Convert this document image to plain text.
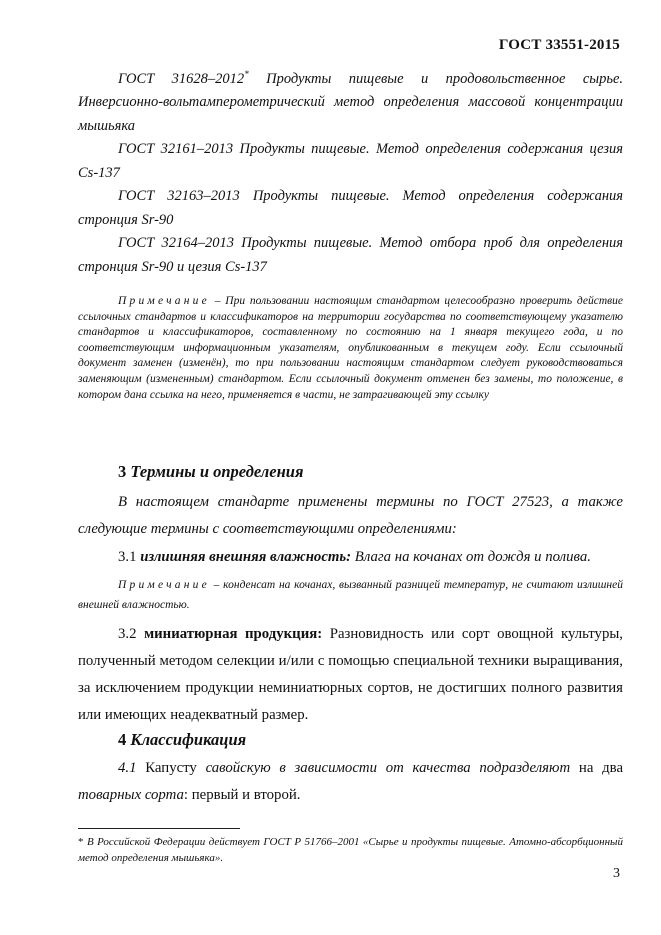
ГОСТ 33551-2015

ГОСТ 31628–2012* Продукты пищевые и продовольственное сырье. Инверсионно-вольтамперометрический метод определения массовой концентрации мышьяка

ГОСТ 32161–2013 Продукты пищевые. Метод определения содержания цезия Cs-137

ГОСТ 32163–2013 Продукты пищевые. Метод определения содержания стронция Sr-90

ГОСТ 32164–2013 Продукты пищевые. Метод отбора проб для определения стронция Sr-90 и цезия Cs-137

Примечание – При пользовании настоящим стандартом целесообразно проверить действие ссылочных стандартов и классификаторов на территории государства по соответствующему указателю стандартов и классификаторов, составленному по состоянию на 1 января текущего года, и по соответствующим информационным указателям, опубликованным в текущем году. Если ссылочный документ заменен (изменён), то при пользовании настоящим стандартом следует руководствоваться заменяющим (измененным) стандартом. Если ссылочный документ отменен без замены, то положение, в котором дана ссылка на него, применяется в части, не затрагивающей эту ссылку

3 Термины и определения

В настоящем стандарте применены термины по ГОСТ 27523, а также следующие термины с соответствующими определениями:

3.1 излишняя внешняя влажность: Влага на кочанах от дождя и полива.

Примечание – конденсат на кочанах, вызванный разницей температур, не считают излишней внешней влажностью.

3.2 миниатюрная продукция: Разновидность или сорт овощной культуры, полученный методом селекции и/или с помощью специальной техники выращивания, за исключением продукции неминиатюрных сортов, не достигших полного развития или имеющих неадекватный размер.

4 Классификация

4.1 Капусту савойскую в зависимости от качества подразделяют на два товарных сорта: первый и второй.

* В Российской Федерации действует ГОСТ Р 51766–2001 «Сырье и продукты пищевые. Атомно-абсорбционный метод определения мышьяка».

3
